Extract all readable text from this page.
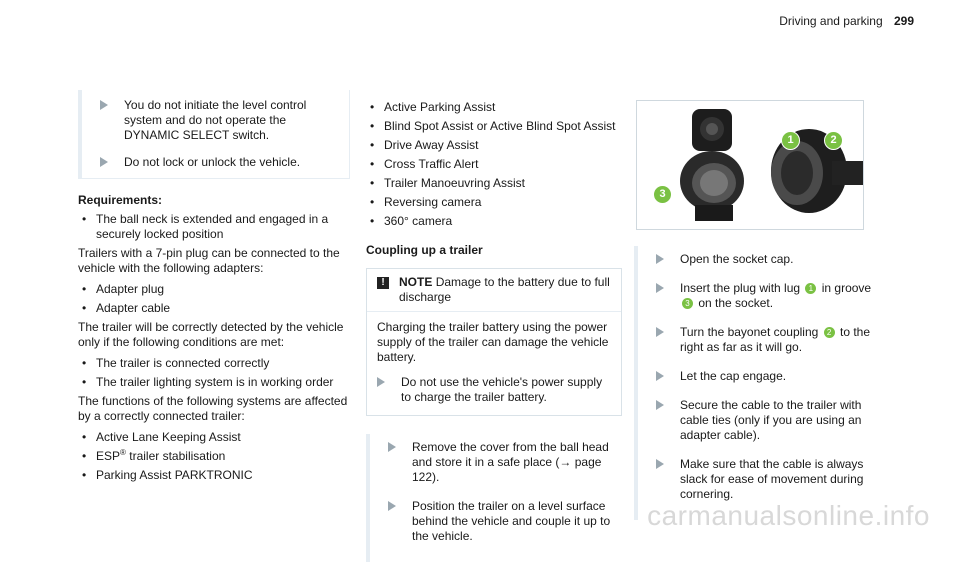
Driving and parking 299
You do not initiate the level control system and do not operate the DYNAMIC SELECT switch.
Do not lock or unlock the vehicle.
Requirements:
• The ball neck is extended and engaged in a securely locked position

Trailers with a 7-pin plug can be connected to the vehicle with the following adapters:

• Adapter plug
• Adapter cable

The trailer will be correctly detected by the vehicle only if the following conditions are met:

• The trailer is connected correctly
• The trailer lighting system is in working order

The functions of the following systems are affected by a correctly connected trailer:

• Active Lane Keeping Assist
• ESP® trailer stabilisation
• Parking Assist PARKTRONIC
• Active Parking Assist
• Blind Spot Assist or Active Blind Spot Assist
• Drive Away Assist
• Cross Traffic Alert
• Trailer Manoeuvring Assist
• Reversing camera
• 360° camera
Coupling up a trailer
!	NOTE Damage to the battery due to full discharge
Charging the trailer battery using the power supply of the trailer can damage the vehicle battery.
Do not use the vehicle's power supply to charge the trailer battery.
Remove the cover from the ball head and store it in a safe place (→ page 122).
Position the trailer on a level surface behind the vehicle and couple it up to the vehicle.
1	2
3
Open the socket cap.
Insert the plug with lug 1 in groove 3 on the socket.
Turn the bayonet coupling 2 to the right as far as it will go.
Let the cap engage.
Secure the cable to the trailer with cable ties (only if you are using an adapter cable).
Make sure that the cable is always slack for ease of movement during cornering.
carmanualsonline.info
